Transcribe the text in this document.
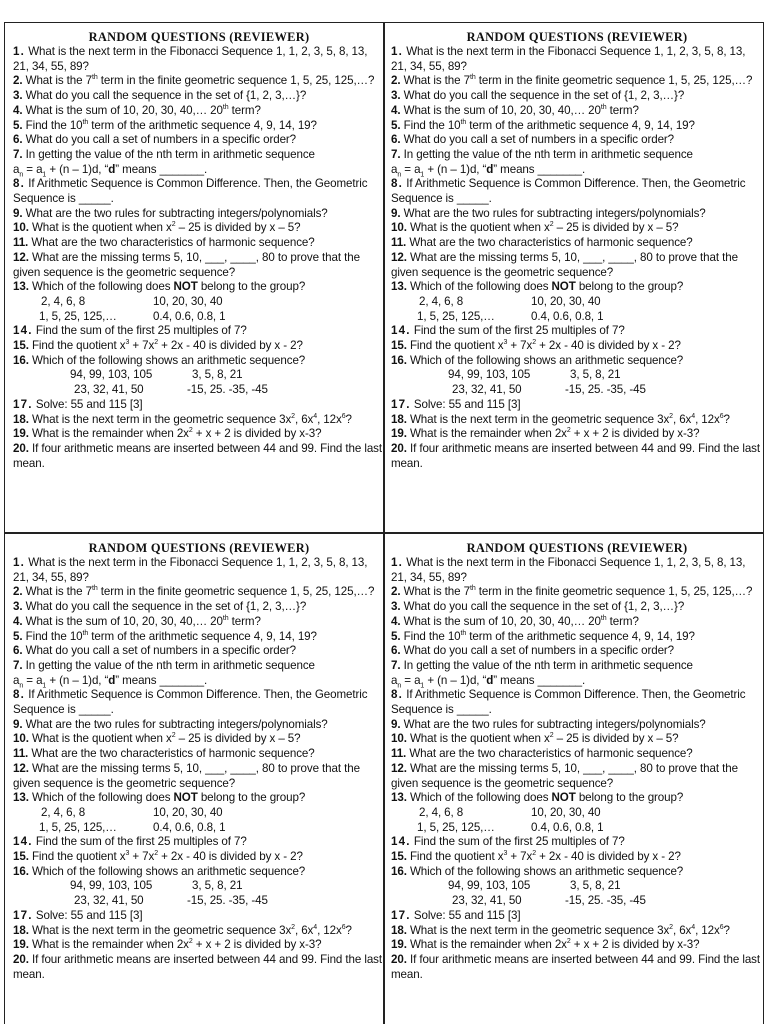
RANDOM QUESTIONS (REVIEWER)

1. What is the next term in the Fibonacci Sequence 1, 1, 2, 3, 5, 8, 13, 21, 34, 55, 89?

2. What is the 7th term in the finite geometric sequence 1, 5, 25, 125,…?

3. What do you call the sequence in the set of {1, 2, 3,…}?

4. What is the sum of 10, 20, 30, 40,… 20th term?

5. Find the 10th term of the arithmetic sequence 4, 9, 14, 19?

6. What do you call a set of numbers in a specific order?

7. In getting the value of the nth term in arithmetic sequence
$a_n = a_1 + (n - 1)d$, “d” means _______.

8. If Arithmetic Sequence is Common Difference. Then, the Geometric Sequence is _____.

9. What are the two rules for subtracting integers/polynomials?

10. What is the quotient when $x^2 - 25$ is divided by x – 5?

11. What are the two characteristics of harmonic sequence?

12. What are the missing terms 5, 10, ___, ____, 80 to prove that the given sequence is the geometric sequence?

13. Which of the following does NOT belong to the group?

2, 4, 6, 8	10, 20, 30, 40
1, 5, 25, 125,…	0.4, 0.6, 0.8, 1

14. Find the sum of the first 25 multiples of 7?

15. Find the quotient $x^3 + 7x^2 + 2x - 40$ is divided by x - 2?

16. Which of the following shows an arithmetic sequence?

94, 99, 103, 105	3, 5, 8, 21
23, 32, 41, 50	-15, 25. -35, -45

17. Solve: 55 and 115 [3]

18. What is the next term in the geometric sequence $3x^2$, $6x^4$, $12x^6$?

19. What is the remainder when $2x^2 + x + 2$ is divided by x-3?

20. If four arithmetic means are inserted between 44 and 99. Find the last mean.

RANDOM QUESTIONS (REVIEWER)

1. What is the next term in the Fibonacci Sequence 1, 1, 2, 3, 5, 8, 13, 21, 34, 55, 89?

2. What is the 7th term in the finite geometric sequence 1, 5, 25, 125,…?

3. What do you call the sequence in the set of {1, 2, 3,…}?

4. What is the sum of 10, 20, 30, 40,… 20th term?

5. Find the 10th term of the arithmetic sequence 4, 9, 14, 19?

6. What do you call a set of numbers in a specific order?

7. In getting the value of the nth term in arithmetic sequence
$a_n = a_1 + (n - 1)d$, “d” means _______.

8. If Arithmetic Sequence is Common Difference. Then, the Geometric Sequence is _____.

9. What are the two rules for subtracting integers/polynomials?

10. What is the quotient when $x^2 - 25$ is divided by x – 5?

11. What are the two characteristics of harmonic sequence?

12. What are the missing terms 5, 10, ___, ____, 80 to prove that the given sequence is the geometric sequence?

13. Which of the following does NOT belong to the group?

2, 4, 6, 8	10, 20, 30, 40
1, 5, 25, 125,…	0.4, 0.6, 0.8, 1

14. Find the sum of the first 25 multiples of 7?

15. Find the quotient $x^3 + 7x^2 + 2x - 40$ is divided by x - 2?

16. Which of the following shows an arithmetic sequence?

94, 99, 103, 105	3, 5, 8, 21
23, 32, 41, 50	-15, 25. -35, -45

17. Solve: 55 and 115 [3]

18. What is the next term in the geometric sequence $3x^2$, $6x^4$, $12x^6$?

19. What is the remainder when $2x^2 + x + 2$ is divided by x-3?

20. If four arithmetic means are inserted between 44 and 99. Find the last mean.

RANDOM QUESTIONS (REVIEWER)

1. What is the next term in the Fibonacci Sequence 1, 1, 2, 3, 5, 8, 13, 21, 34, 55, 89?

2. What is the 7th term in the finite geometric sequence 1, 5, 25, 125,…?

3. What do you call the sequence in the set of {1, 2, 3,…}?

4. What is the sum of 10, 20, 30, 40,… 20th term?

5. Find the 10th term of the arithmetic sequence 4, 9, 14, 19?

6. What do you call a set of numbers in a specific order?

7. In getting the value of the nth term in arithmetic sequence
$a_n = a_1 + (n - 1)d$, “d” means _______.

8. If Arithmetic Sequence is Common Difference. Then, the Geometric Sequence is _____.

9. What are the two rules for subtracting integers/polynomials?

10. What is the quotient when $x^2 - 25$ is divided by x – 5?

11. What are the two characteristics of harmonic sequence?

12. What are the missing terms 5, 10, ___, ____, 80 to prove that the given sequence is the geometric sequence?

13. Which of the following does NOT belong to the group?

2, 4, 6, 8	10, 20, 30, 40
1, 5, 25, 125,…	0.4, 0.6, 0.8, 1

14. Find the sum of the first 25 multiples of 7?

15. Find the quotient $x^3 + 7x^2 + 2x - 40$ is divided by x - 2?

16. Which of the following shows an arithmetic sequence?

94, 99, 103, 105	3, 5, 8, 21
23, 32, 41, 50	-15, 25. -35, -45

17. Solve: 55 and 115 [3]

18. What is the next term in the geometric sequence $3x^2$, $6x^4$, $12x^6$?

19. What is the remainder when $2x^2 + x + 2$ is divided by x-3?

20. If four arithmetic means are inserted between 44 and 99. Find the last mean.

RANDOM QUESTIONS (REVIEWER)

1. What is the next term in the Fibonacci Sequence 1, 1, 2, 3, 5, 8, 13, 21, 34, 55, 89?

2. What is the 7th term in the finite geometric sequence 1, 5, 25, 125,…?

3. What do you call the sequence in the set of {1, 2, 3,…}?

4. What is the sum of 10, 20, 30, 40,… 20th term?

5. Find the 10th term of the arithmetic sequence 4, 9, 14, 19?

6. What do you call a set of numbers in a specific order?

7. In getting the value of the nth term in arithmetic sequence
$a_n = a_1 + (n - 1)d$, “d” means _______.

8. If Arithmetic Sequence is Common Difference. Then, the Geometric Sequence is _____.

9. What are the two rules for subtracting integers/polynomials?

10. What is the quotient when $x^2 - 25$ is divided by x – 5?

11. What are the two characteristics of harmonic sequence?

12. What are the missing terms 5, 10, ___, ____, 80 to prove that the given sequence is the geometric sequence?

13. Which of the following does NOT belong to the group?

2, 4, 6, 8	10, 20, 30, 40
1, 5, 25, 125,…	0.4, 0.6, 0.8, 1

14. Find the sum of the first 25 multiples of 7?

15. Find the quotient $x^3 + 7x^2 + 2x - 40$ is divided by x - 2?

16. Which of the following shows an arithmetic sequence?

94, 99, 103, 105	3, 5, 8, 21
23, 32, 41, 50	-15, 25. -35, -45

17. Solve: 55 and 115 [3]

18. What is the next term in the geometric sequence $3x^2$, $6x^4$, $12x^6$?

19. What is the remainder when $2x^2 + x + 2$ is divided by x-3?

20. If four arithmetic means are inserted between 44 and 99. Find the last mean.
